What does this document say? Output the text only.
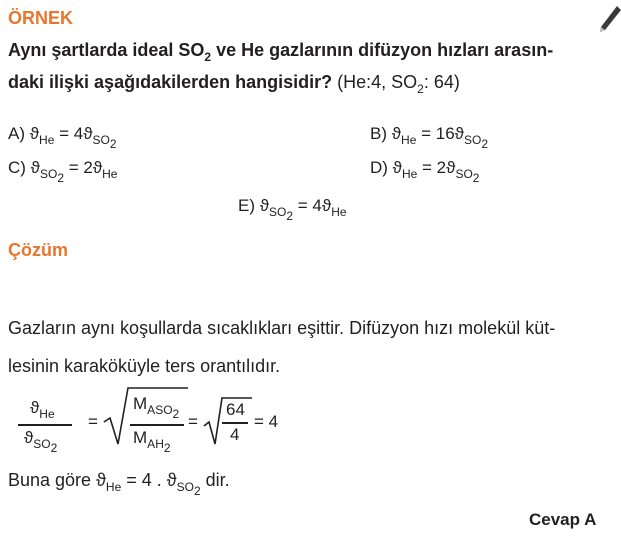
ÖRNEK
Aynı şartlarda ideal $SO_2$ ve He gazlarının difüzyon hızları arasın-
daki ilişki aşağıdakilerden hangisidir? (He:4, $SO_2$: 64)
A) $ϑ_{He} = 4ϑ_{SO2}$
B) $ϑ_{He} = 16ϑ_{SO2}$
C) $ϑ_{SO2} = 2ϑ_{He}$	D) $ϑ_{He} = 2ϑ_{SO2}$
E) $ϑ_{SO2} = 4ϑ_{He}$
Çözüm
Gazların aynı koşullarda sıcaklıkları eşittir. Difüzyon hızı molekül küt-
lesinin karaköküyle ters orantılıdır.
$ϑ_{He}$
$ϑ_{SO2}$
=
$M_{ASO2}$
$M_{AH2}$
=
64
4
= 4
Buna göre $ϑ_{He} = 4$ . $ϑ_{SO2}$ dir.
Cevap A
